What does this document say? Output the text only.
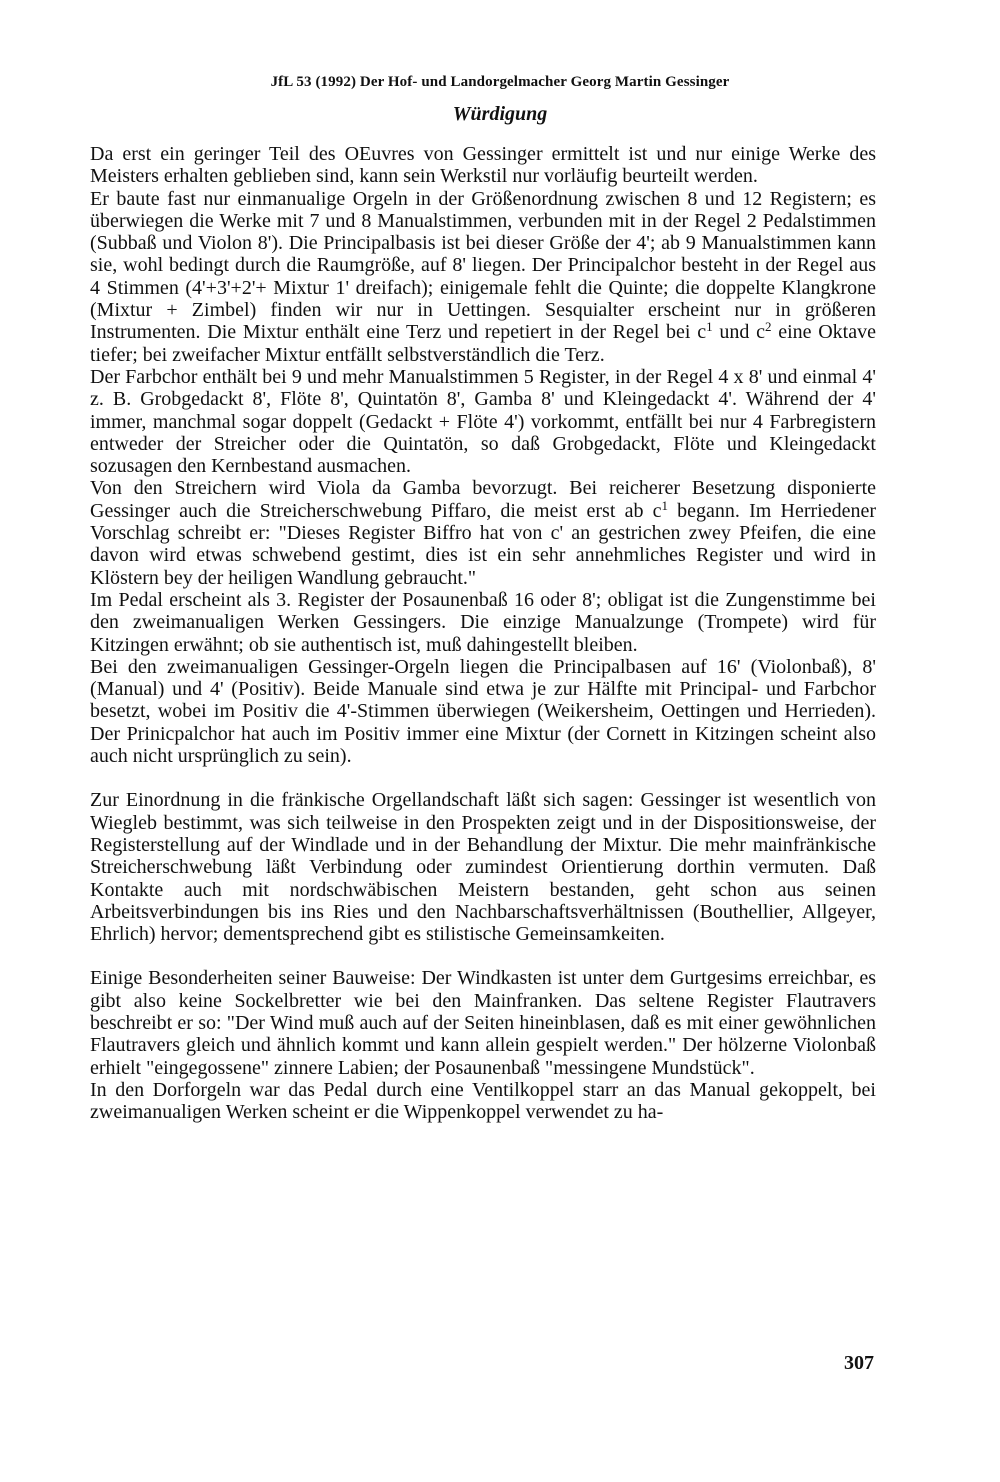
JfL 53 (1992) Der Hof- und Landorgelmacher Georg Martin Gessinger
Würdigung

Da erst ein geringer Teil des OEuvres von Gessinger ermittelt ist und nur einige Werke des Meisters erhalten geblieben sind, kann sein Werkstil nur vorläufig beurteilt werden.

Er baute fast nur einmanualige Orgeln in der Größenordnung zwischen 8 und 12 Registern; es überwiegen die Werke mit 7 und 8 Manualstimmen, verbunden mit in der Regel 2 Pedalstimmen (Subbaß und Violon 8'). Die Principalbasis ist bei dieser Größe der 4'; ab 9 Manualstimmen kann sie, wohl bedingt durch die Raumgröße, auf 8' liegen. Der Principalchor besteht in der Regel aus 4 Stimmen (4'+3'+2'+ Mixtur 1' dreifach); einigemale fehlt die Quinte; die doppelte Klangkrone (Mixtur + Zimbel) finden wir nur in Uettingen. Sesquialter erscheint nur in größeren Instrumenten. Die Mixtur enthält eine Terz und repetiert in der Regel bei $c^1$ und $c^2$ eine Oktave tiefer; bei zweifacher Mixtur entfällt selbstverständlich die Terz.

Der Farbchor enthält bei 9 und mehr Manualstimmen 5 Register, in der Regel 4 x 8' und einmal 4' z. B. Grobgedackt 8', Flöte 8', Quintatön 8', Gamba 8' und Kleingedackt 4'. Während der 4' immer, manchmal sogar doppelt (Gedackt + Flöte 4') vorkommt, entfällt bei nur 4 Farbregistern entweder der Streicher oder die Quintatön, so daß Grobgedackt, Flöte und Kleingedackt sozusagen den Kernbestand ausmachen.

Von den Streichern wird Viola da Gamba bevorzugt. Bei reicherer Besetzung disponierte Gessinger auch die Streicherschwebung Piffaro, die meist erst ab $c^1$ begann. Im Herriedener Vorschlag schreibt er: "Dieses Register Biffro hat von c' an gestrichen zwey Pfeifen, die eine davon wird etwas schwebend gestimt, dies ist ein sehr annehmliches Register und wird in Klöstern bey der heiligen Wandlung gebraucht."

Im Pedal erscheint als 3. Register der Posaunenbaß 16 oder 8'; obligat ist die Zungenstimme bei den zweimanualigen Werken Gessingers. Die einzige Manualzunge (Trompete) wird für Kitzingen erwähnt; ob sie authentisch ist, muß dahingestellt bleiben.

Bei den zweimanualigen Gessinger-Orgeln liegen die Principalbasen auf 16' (Violonbaß), 8' (Manual) und 4' (Positiv). Beide Manuale sind etwa je zur Hälfte mit Principal- und Farbchor besetzt, wobei im Positiv die 4'-Stimmen überwiegen (Weikersheim, Oettingen und Herrieden). Der Prinicpalchor hat auch im Positiv immer eine Mixtur (der Cornett in Kitzingen scheint also auch nicht ursprünglich zu sein).

Zur Einordnung in die fränkische Orgellandschaft läßt sich sagen: Gessinger ist wesentlich von Wiegleb bestimmt, was sich teilweise in den Prospekten zeigt und in der Dispositionsweise, der Registerstellung auf der Windlade und in der Behandlung der Mixtur. Die mehr mainfränkische Streicherschwebung läßt Verbindung oder zumindest Orientierung dorthin vermuten. Daß Kontakte auch mit nordschwäbischen Meistern bestanden, geht schon aus seinen Arbeitsverbindungen bis ins Ries und den Nachbarschaftsverhältnissen (Bouthellier, Allgeyer, Ehrlich) hervor; dementsprechend gibt es stilistische Gemeinsamkeiten.

Einige Besonderheiten seiner Bauweise: Der Windkasten ist unter dem Gurtgesims erreichbar, es gibt also keine Sockelbretter wie bei den Mainfranken. Das seltene Register Flautravers beschreibt er so: "Der Wind muß auch auf der Seiten hineinblasen, daß es mit einer gewöhnlichen Flautravers gleich und ähnlich kommt und kann allein gespielt werden." Der hölzerne Violonbaß erhielt "eingegossene" zinnere Labien; der Posaunenbaß "messingene Mundstück".

In den Dorforgeln war das Pedal durch eine Ventilkoppel starr an das Manual gekoppelt, bei zweimanualigen Werken scheint er die Wippenkoppel verwendet zu ha-

307
